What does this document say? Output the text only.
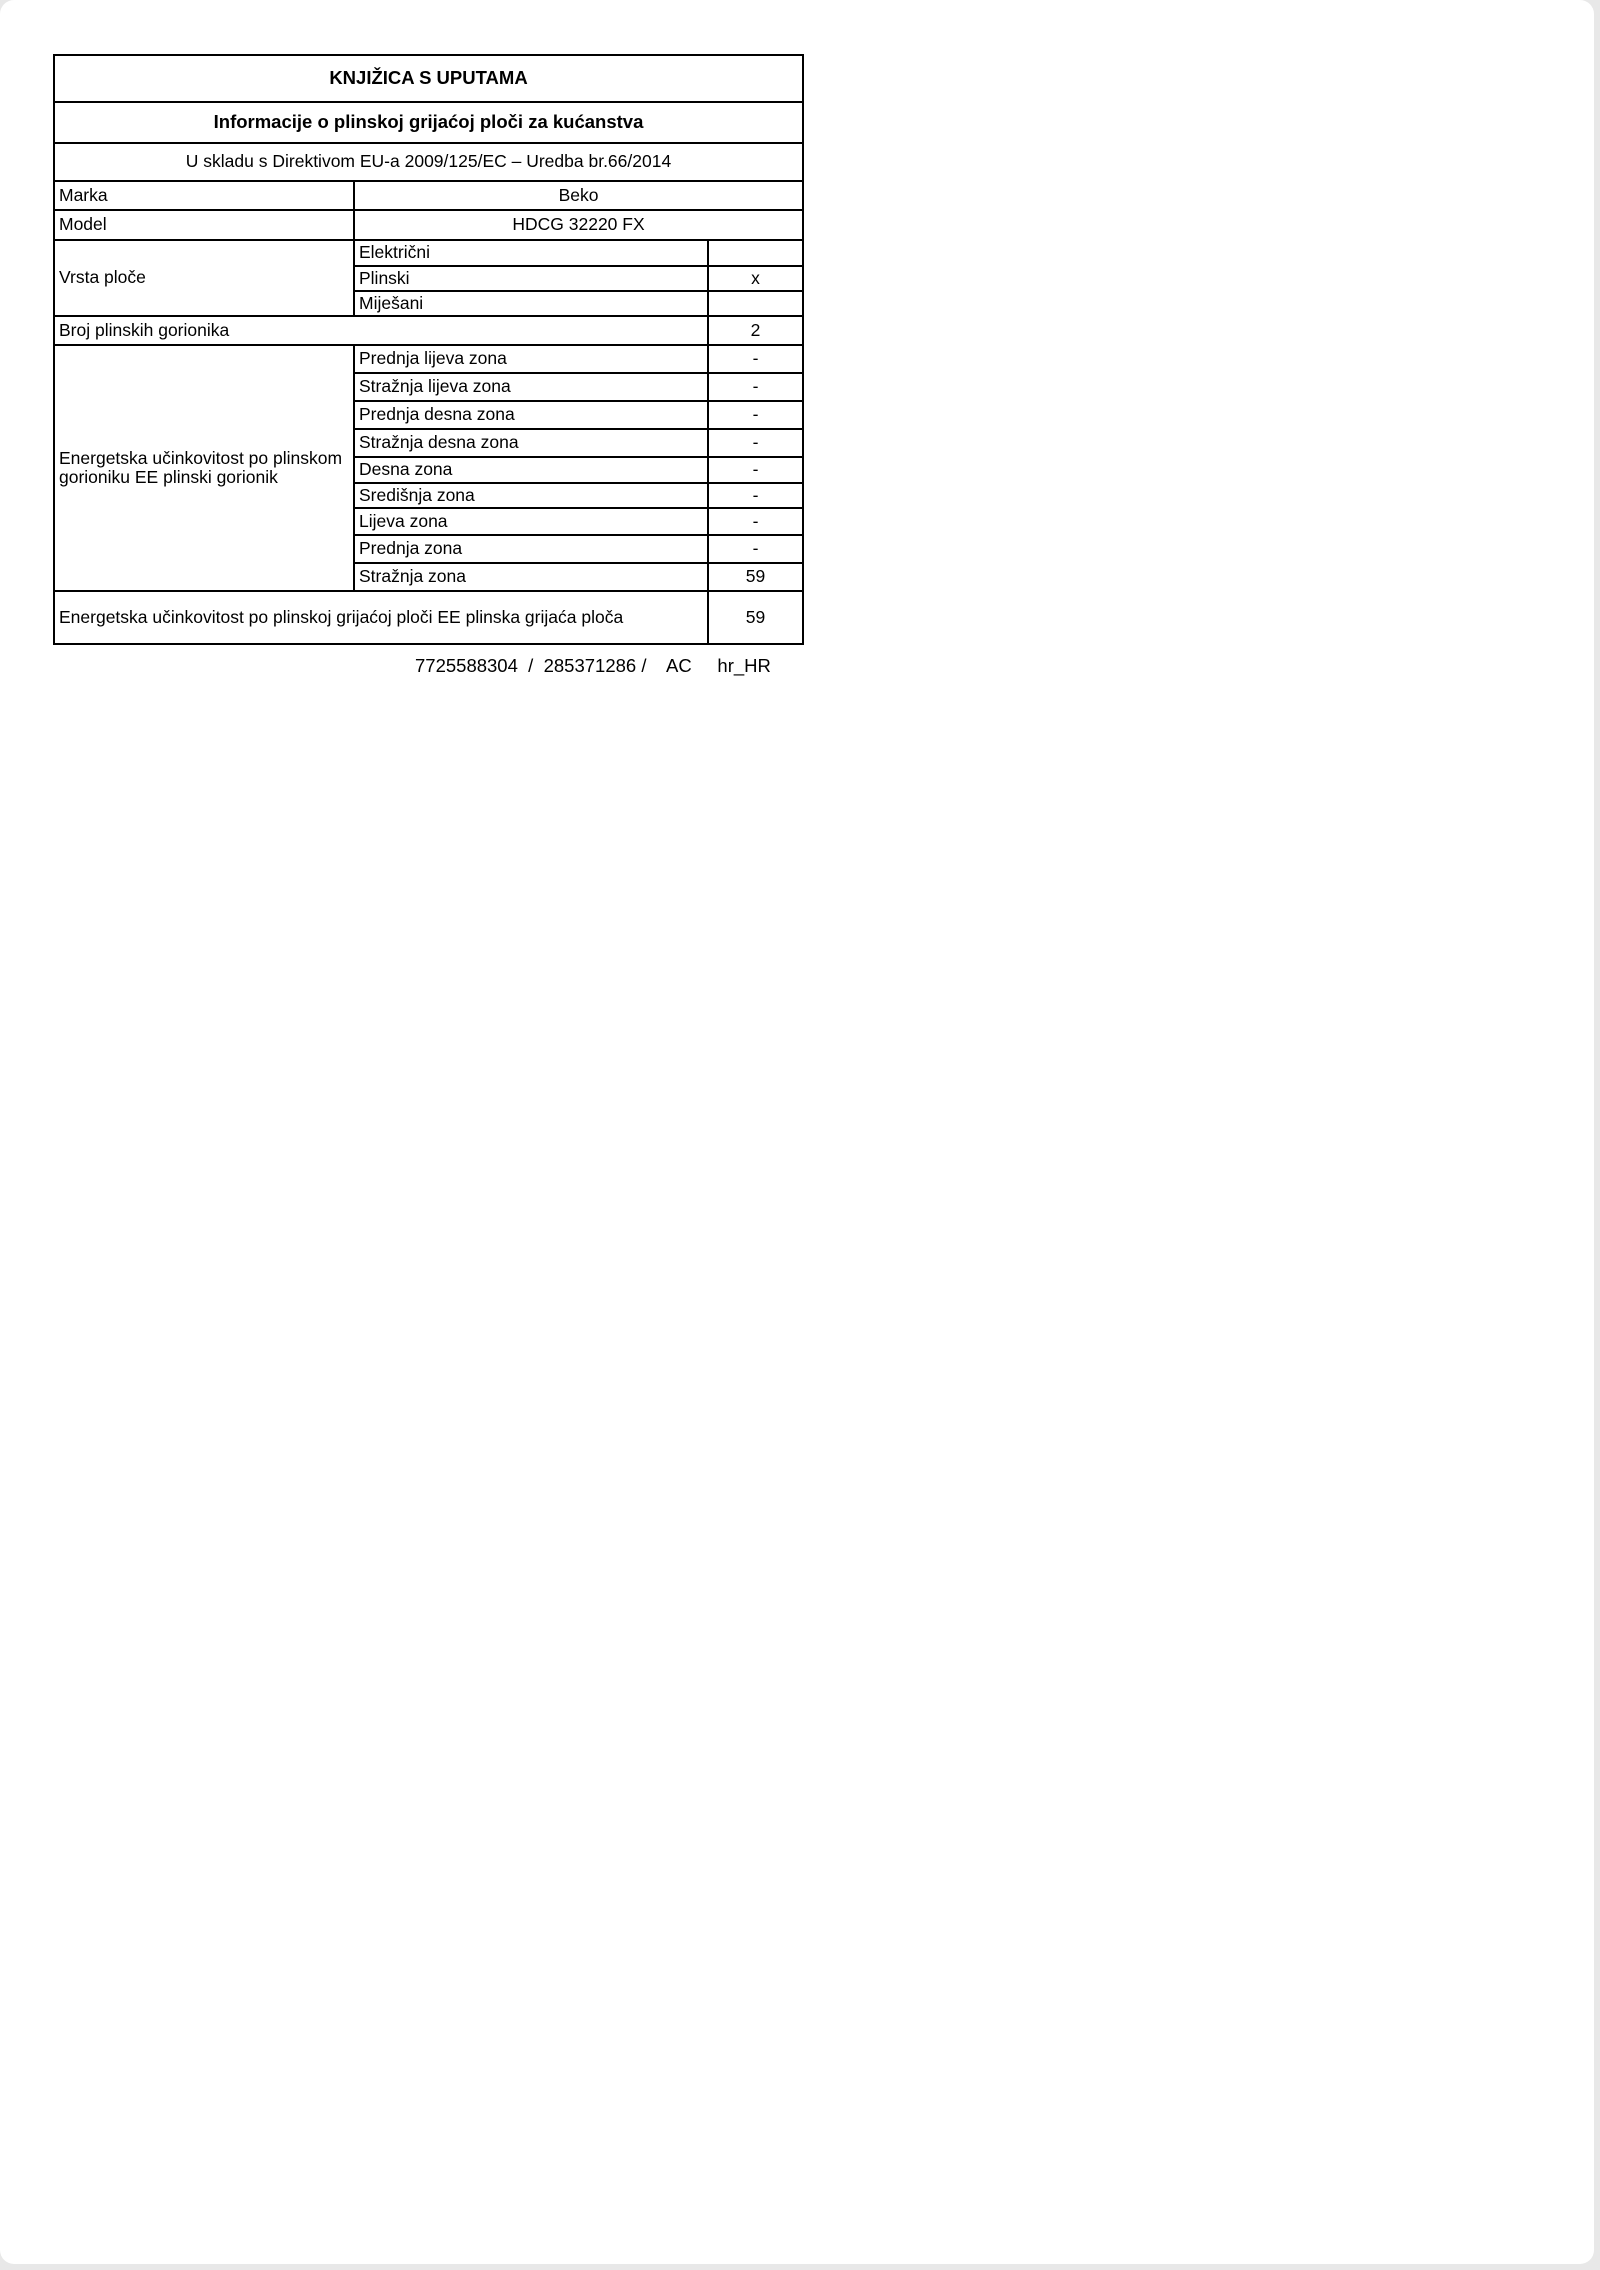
KNJIŽICA S UPUTAMA		
Informacije o plinskoj grijaćoj ploči za kućanstva		
U skladu s Direktivom EU-a 2009/125/EC – Uredba br.66/2014		
Marka	Beko	
Model	HDCG 32220 FX	
Vrsta ploče	Električni	
	Plinski	x
	Miješani	
Broj plinskih gorionika		2
Energetska učinkovitost po plinskom gorioniku EE plinski gorionik	Prednja lijeva zona	-
	Stražnja lijeva zona	-
	Prednja desna zona	-
	Stražnja desna zona	-
	Desna zona	-
	Središnja zona	-
	Lijeva zona	-
	Prednja zona	-
	Stražnja zona	59
Energetska učinkovitost po plinskoj grijaćoj ploči EE plinska grijaća ploča		59
7725588304  /  285371286 /    AC     hr_HR
